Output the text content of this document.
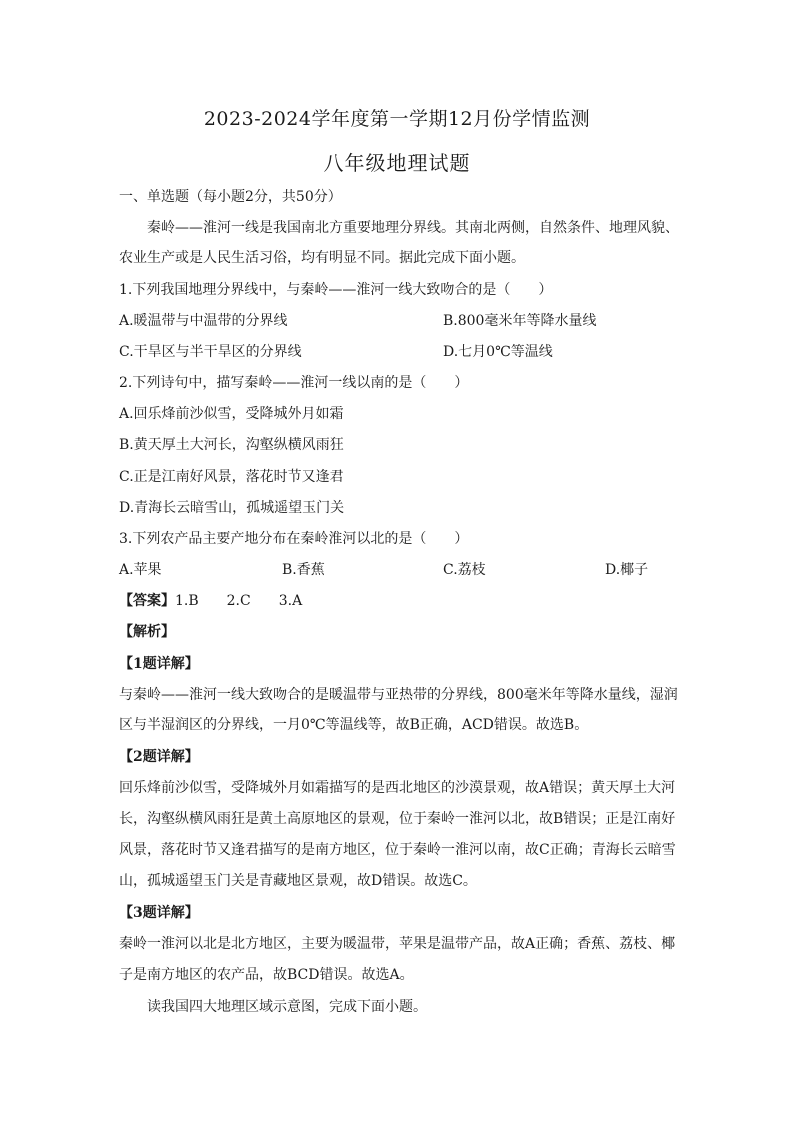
2023-2024学年度第一学期12月份学情监测
八年级地理试题
一、单选题（每小题2分，共50分）
秦岭——淮河一线是我国南北方重要地理分界线。其南北两侧，自然条件、地理风貌、
农业生产或是人民生活习俗，均有明显不同。据此完成下面小题。
1.下列我国地理分界线中，与秦岭——淮河一线大致吻合的是（　　）
A.暖温带与中温带的分界线	B.800毫米年等降水量线
C.干旱区与半干旱区的分界线	D.七月0℃等温线
2.下列诗句中，描写秦岭——淮河一线以南的是（　　）
A.回乐烽前沙似雪，受降城外月如霜
B.黄天厚土大河长，沟壑纵横风雨狂
C.正是江南好风景，落花时节又逢君
D.青海长云暗雪山，孤城遥望玉门关
3.下列农产品主要产地分布在秦岭淮河以北的是（　　）
A.苹果	B.香蕉	C.荔枝	D.椰子
【答案】1.B　　2.C　　3.A
【解析】
【1题详解】
与秦岭——淮河一线大致吻合的是暖温带与亚热带的分界线，800毫米年等降水量线，湿润
区与半湿润区的分界线，一月0℃等温线等，故B正确，ACD错误。故选B。
【2题详解】
回乐烽前沙似雪，受降城外月如霜描写的是西北地区的沙漠景观，故A错误；黄天厚土大河
长，沟壑纵横风雨狂是黄土高原地区的景观，位于秦岭一淮河以北，故B错误；正是江南好
风景，落花时节又逢君描写的是南方地区，位于秦岭一淮河以南，故C正确；青海长云暗雪
山，孤城遥望玉门关是青藏地区景观，故D错误。故选C。
【3题详解】
秦岭一淮河以北是北方地区，主要为暖温带，苹果是温带产品，故A正确；香蕉、荔枝、椰
子是南方地区的农产品，故BCD错误。故选A。
读我国四大地理区域示意图，完成下面小题。
